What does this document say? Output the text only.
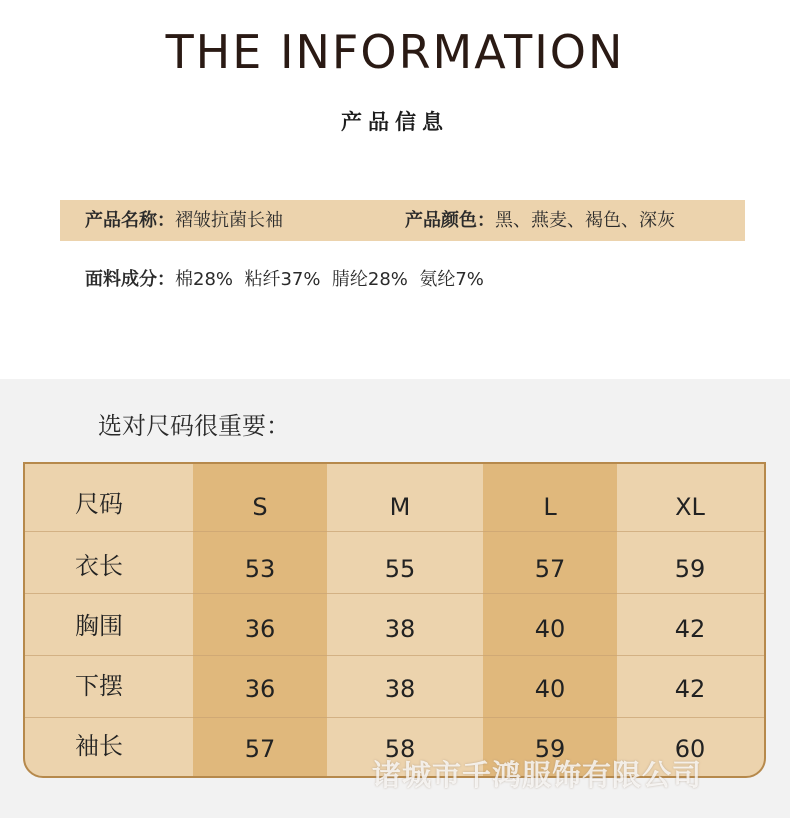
THE INFORMATION
产品信息
产品名称：褶皱抗菌长袖	产品颜色：黑、燕麦、褐色、深灰
面料成分：棉28%  粘纤37%  腈纶28%  氨纶7%
选对尺码很重要：
尺码	S	M	L	XL
衣长	53	55	57	59
胸围	36	38	40	42
下摆	36	38	40	42
袖长	57	58	59	60
诸城市千鸿服饰有限公司
